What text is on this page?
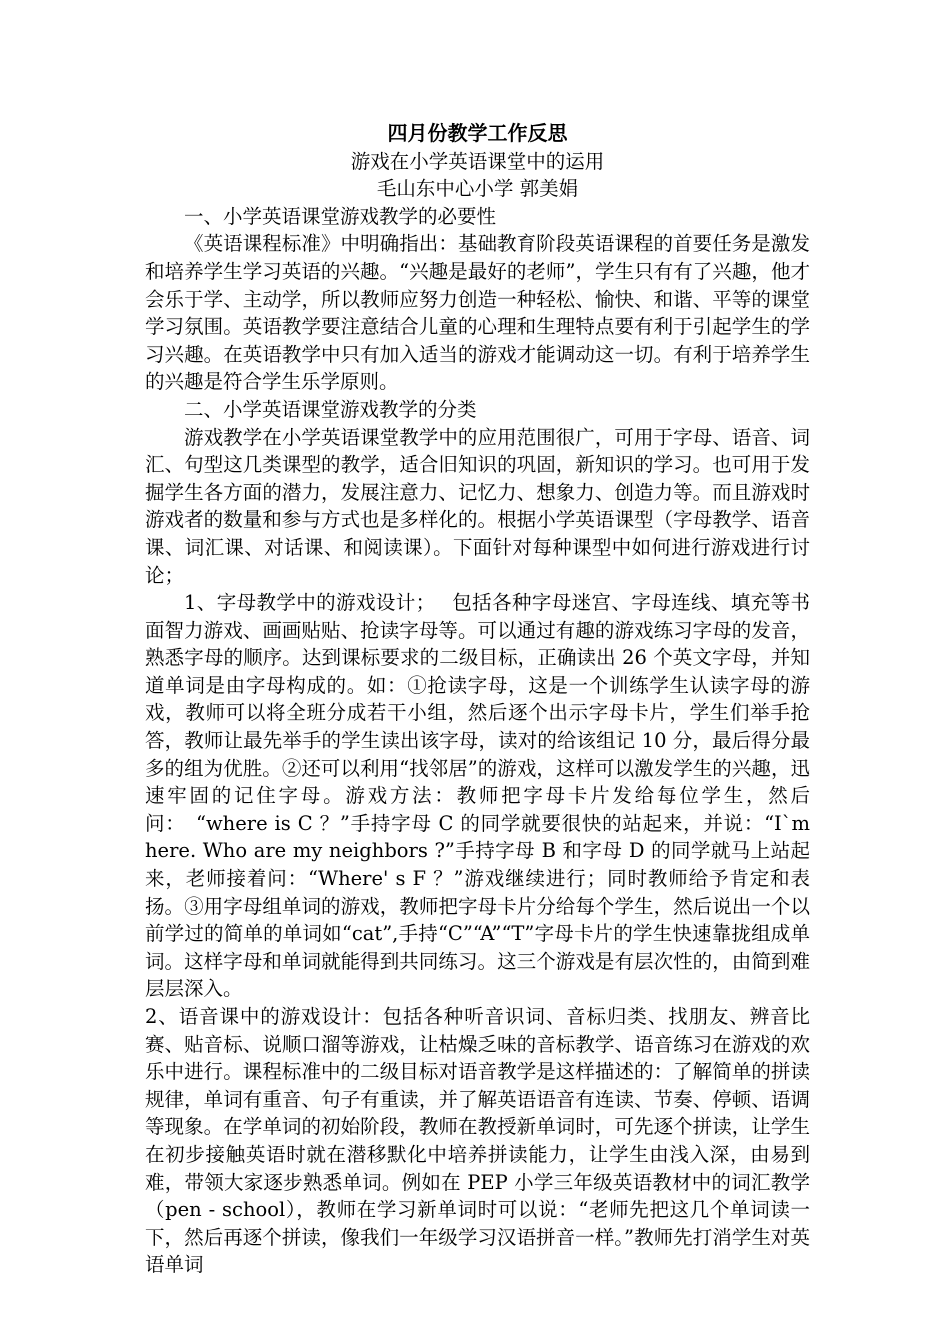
四月份教学工作反思

游戏在小学英语课堂中的运用

毛山东中心小学 郭美娟

一、小学英语课堂游戏教学的必要性

《英语课程标准》中明确指出：基础教育阶段英语课程的首要任务是激发和培养学生学习英语的兴趣。“兴趣是最好的老师”，学生只有有了兴趣，他才会乐于学、主动学，所以教师应努力创造一种轻松、愉快、和谐、平等的课堂学习氛围。英语教学要注意结合儿童的心理和生理特点要有利于引起学生的学习兴趣。在英语教学中只有加入适当的游戏才能调动这一切。有利于培养学生的兴趣是符合学生乐学原则。

二、小学英语课堂游戏教学的分类

游戏教学在小学英语课堂教学中的应用范围很广，可用于字母、语音、词汇、句型这几类课型的教学，适合旧知识的巩固，新知识的学习。也可用于发掘学生各方面的潜力，发展注意力、记忆力、想象力、创造力等。而且游戏时游戏者的数量和参与方式也是多样化的。根据小学英语课型（字母教学、语音课、词汇课、对话课、和阅读课）。下面针对每种课型中如何进行游戏进行讨论；

1、字母教学中的游戏设计；　 包括各种字母迷宫、字母连线、填充等书面智力游戏、画画贴贴、抢读字母等。可以通过有趣的游戏练习字母的发音，熟悉字母的顺序。达到课标要求的二级目标，正确读出 26 个英文字母，并知道单词是由字母构成的。如：①抢读字母，这是一个训练学生认读字母的游戏，教师可以将全班分成若干小组，然后逐个出示字母卡片，学生们举手抢答，教师让最先举手的学生读出该字母，读对的给该组记 10 分，最后得分最多的组为优胜。②还可以利用“找邻居”的游戏，这样可以激发学生的兴趣，迅速牢固的记住字母。游戏方法：教师把字母卡片发给每位学生，然后问：　“where is C ？”手持字母 C 的同学就要很快的站起来，并说：“I`m here. Who are my neighbors ?”手持字母 B 和字母 D 的同学就马上站起来，老师接着问：“Where' s F ？”游戏继续进行；同时教师给予肯定和表扬。③用字母组单词的游戏，教师把字母卡片分给每个学生，然后说出一个以前学过的简单的单词如“cat”,手持“C”“A”“T”字母卡片的学生快速靠拢组成单词。这样字母和单词就能得到共同练习。这三个游戏是有层次性的，由简到难层层深入。

2、语音课中的游戏设计：包括各种听音识词、音标归类、找朋友、辨音比赛、贴音标、说顺口溜等游戏，让枯燥乏味的音标教学、语音练习在游戏的欢乐中进行。课程标准中的二级目标对语音教学是这样描述的：了解简单的拼读规律，单词有重音、句子有重读，并了解英语语音有连读、节奏、停顿、语调等现象。在学单词的初始阶段，教师在教授新单词时，可先逐个拼读，让学生在初步接触英语时就在潜移默化中培养拼读能力，让学生由浅入深，由易到难，带领大家逐步熟悉单词。例如在 PEP 小学三年级英语教材中的词汇教学（pen - school），教师在学习新单词时可以说：“老师先把这几个单词读一下，然后再逐个拼读，像我们一年级学习汉语拼音一样。”教师先打消学生对英语单词
